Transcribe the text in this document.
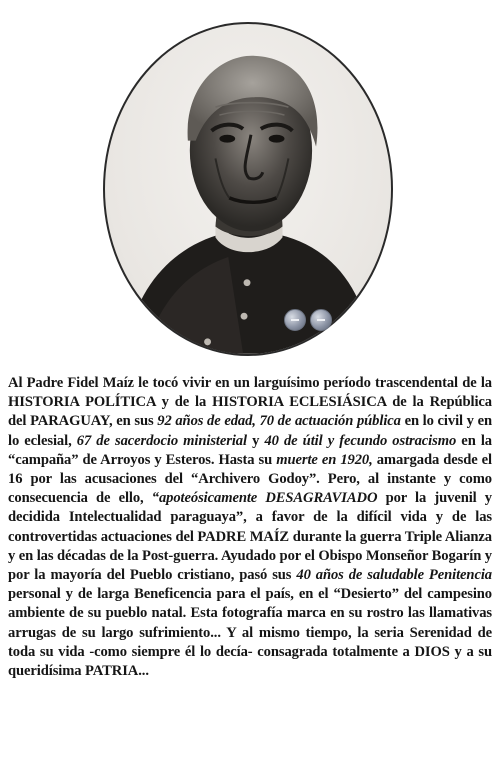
Al Padre Fidel Maíz le tocó vivir en un larguísimo período trascendental de la HISTORIA POLÍTICA y de la HISTORIA ECLESIÁSICA de la República del PARAGUAY, en sus 92 años de edad, 70 de actuación pública en lo civil y en lo eclesial, 67 de sacerdocio ministerial y 40 de útil y fecundo ostracismo en la “campaña” de Arroyos y Esteros. Hasta su muerte en 1920, amargada desde el 16 por las acusaciones del “Archivero Godoy”. Pero, al instante y como consecuencia de ello, “apoteósicamente DESAGRAVIADO por la juvenil y decidida Intelectualidad paraguaya”, a favor de la difícil vida y de las controvertidas actuaciones del PADRE MAÍZ durante la guerra Triple Alianza y en las décadas de la Post-guerra. Ayudado por el Obispo Monseñor Bogarín y por la mayoría del Pueblo cristiano, pasó sus 40 años de saludable Penitencia personal y de larga Beneficencia para el país, en el “Desierto” del campesino ambiente de su pueblo natal. Esta fotografía marca en su rostro las llamativas arrugas de su largo sufrimiento... Y al mismo tiempo, la seria Serenidad de toda su vida -como siempre él lo decía- consagrada totalmente a DIOS y a su queridísima PATRIA...
